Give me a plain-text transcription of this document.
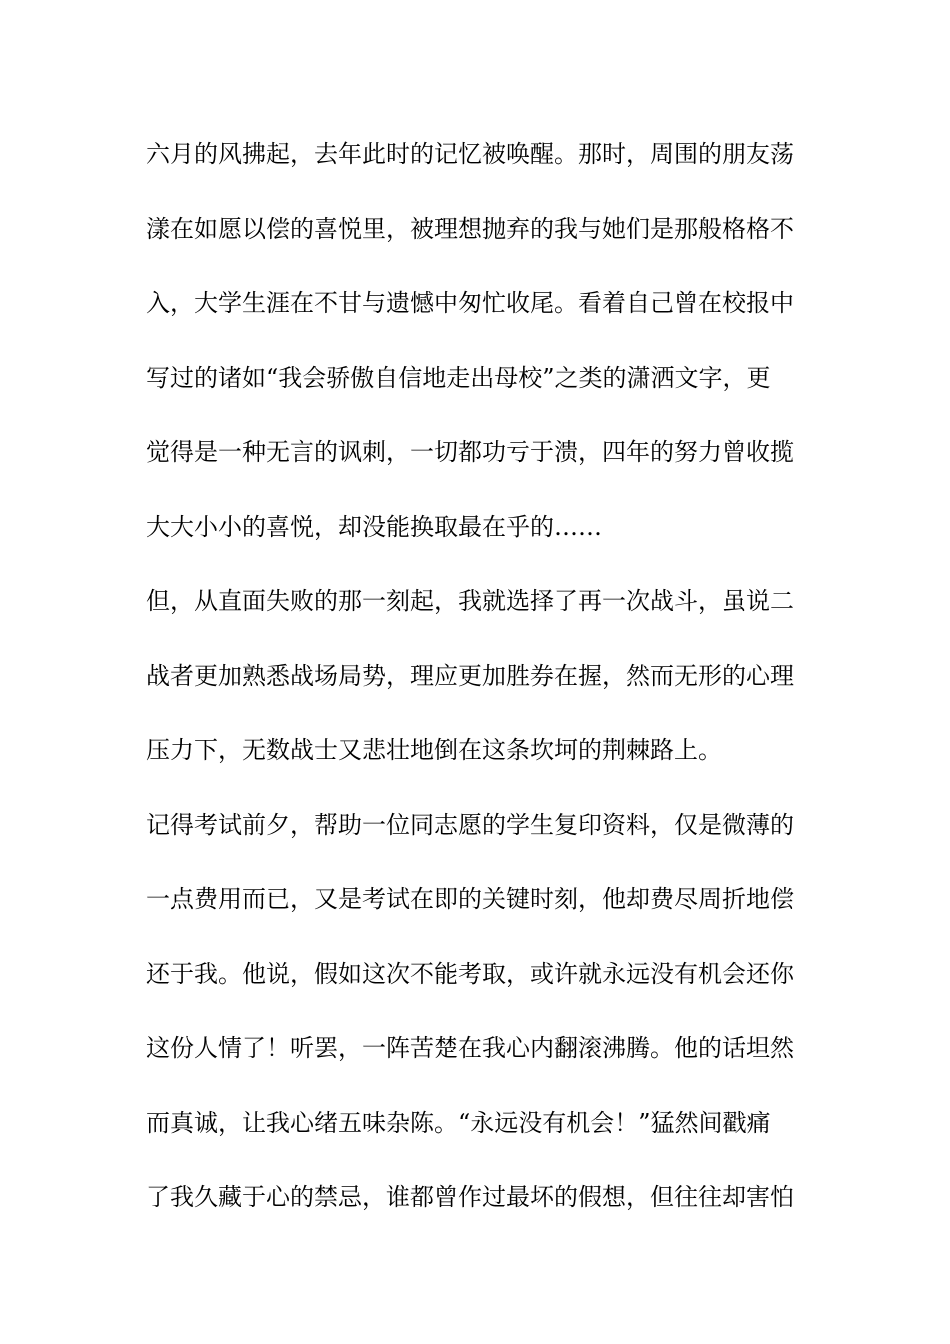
六月的风拂起，去年此时的记忆被唤醒。那时，周围的朋友荡
漾在如愿以偿的喜悦里，被理想抛弃的我与她们是那般格格不
入，大学生涯在不甘与遗憾中匆忙收尾。看着自己曾在校报中
写过的诸如“我会骄傲自信地走出母校”之类的潇洒文字，更
觉得是一种无言的讽刺，一切都功亏于溃，四年的努力曾收揽
大大小小的喜悦，却没能换取最在乎的……
但，从直面失败的那一刻起，我就选择了再一次战斗，虽说二
战者更加熟悉战场局势，理应更加胜券在握，然而无形的心理
压力下，无数战士又悲壮地倒在这条坎坷的荆棘路上。
记得考试前夕，帮助一位同志愿的学生复印资料，仅是微薄的
一点费用而已，又是考试在即的关键时刻，他却费尽周折地偿
还于我。他说，假如这次不能考取，或许就永远没有机会还你
这份人情了！听罢，一阵苦楚在我心内翻滚沸腾。他的话坦然
而真诚，让我心绪五味杂陈。“永远没有机会！”猛然间戳痛
了我久藏于心的禁忌，谁都曾作过最坏的假想，但往往却害怕
